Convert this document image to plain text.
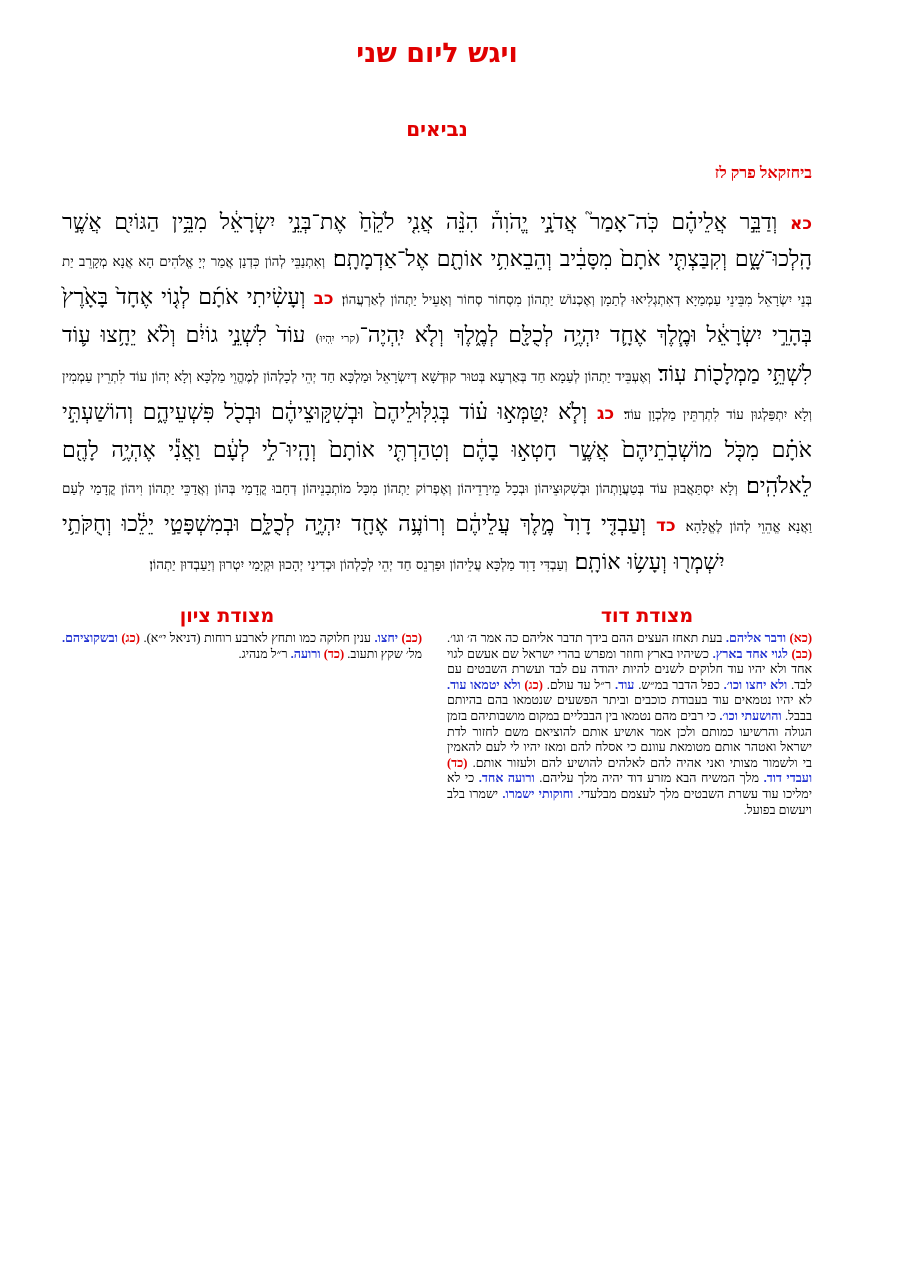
ויגש ליום שני
נביאים
ביחזקאל פרק לז
כא וְדַבֵּ֣ר אֲלֵיהֶ֗ם כֹּֽה־אָמַר֮ אֲדֹנָ֣י יֱהֹוִה֒ הִנֵּ֨ה אֲנִ֤י לֹקֵ֙חַ֙ אֶת־בְּנֵ֣י יִשְׂרָאֵ֔ל מִבֵּ֥ין הַגּוֹיִ֖ם אֲשֶׁ֣ר הָֽלְכוּ־שָׁ֑ם וְקִבַּצְתִּ֤י אֹתָם֙ מִסָּבִ֔יב וְהֵבֵאתִ֥י אוֹתָ֖ם אֶל־אַדְמָתָֽם׃ וְאִתְנַבֵּי לְהוֹן כִּדְנַן אֲמַר יְיָ אֱלֹהִים הָא אֲנָא מְקָרֵב יַת בְּנֵי יִשְׂרָאֵל מִבֵּינֵי עַמְמַיָא דְאִתְגְלִיאוּ לְתַמָן וְאֶכְנוֹשׁ יַתְהוֹן מִסְחוֹר סְחוֹר וְאָעֵיל יַתְהוֹן לְאַרְעֲהוֹן׃ כב וְעָשִׂ֨יתִי אֹתָ֜ם לְג֤וֹי אֶחָד֙ בָּאָ֙רֶץ֙ בְּהָרֵ֣י יִשְׂרָאֵ֔ל וּמֶ֧לֶךְ אֶחָ֛ד יִהְיֶ֥ה לְכֻלָּ֖ם לְמֶ֑לֶךְ וְלֹ֤א יִֽהְיֶה־(קרי יִֽהְיוּ) עוֹד֙ לִשְׁנֵ֣י גוֹיִ֔ם וְלֹ֨א יֵחָ֥צוּ ע֛וֹד לִשְׁתֵּ֥י מַמְלָכ֖וֹת עֽוֹד׃ וְאֶעְבֵּיד יַתְהוֹן לְעַמָא חַד בְּאַרְעָא בְּטוּר קוּדְשָׁא דְיִשְׂרָאֵל וּמַלְכָּא חַד יְהֵי לְכָלְהוֹן לְמֶהֱוֵי מַלְכָּא וְלָא יְהוֹן עוֹד לִתְרֵין עַמְמִין וְלָא יִתְפַּלְגוּן עוֹד לִתְרְתֵּין מַלְכְוָן עוֹד׃ כג וְלֹ֧א יִֽטַּמְּא֣וּ ע֗וֹד בְּגִלּֽוּלֵיהֶם֙ וּבְשִׁקּ֣וּצֵיהֶ֔ם וּבְכֹ֖ל פִּשְׁעֵיהֶ֑ם וְהוֹשַׁעְתִּ֣י אֹתָ֗ם מִכֹּ֤ל מוֹשְׁבֹֽתֵיהֶם֙ אֲשֶׁ֣ר חָטְא֣וּ בָהֶ֔ם וְטִהַרְתִּ֤י אוֹתָם֙ וְהָֽיוּ־לִ֣י לְעָ֔ם וַאֲנִ֕י אֶהְיֶ֥ה לָהֶ֖ם לֵאלֹהִֽים׃ וְלָא יִסְתַּאֲבוּן עוֹד בְּטַעֲוָתְהוֹן וּבְשִׁקוּצֵיהוֹן וּבְכָל מֵירָדֵיהוֹן וְאֶפְרוֹק יַתְהוֹן מִכָּל מוֹתְבָנֵיהוֹן דְחָבוּ קֳדָמַי בְּהוֹן וְאֲדַכֵּי יַתְהוֹן וִיהוֹן קֳדָמַי לְעַם וַאֲנָא אֱהֵוֵי לְהוֹן לֶאֱלָהָא׃ כד וְעַבְדִּ֤י דָוִד֙ מֶ֣לֶךְ עֲלֵיהֶ֔ם וְרוֹעֶ֥ה אֶחָ֖ד יִהְיֶ֣ה לְכֻלָּ֑ם וּבְמִשְׁפָּטַ֣י יֵלֵ֔כוּ וְחֻקֹּתַ֥י יִשְׁמְר֖וּ וְעָשׂ֥וּ אוֹתָֽם׃ וְעַבְדִּי דָוִד מַלְכָּא עֲלֵיהוֹן וּפַרְנֵס חַד יְהֵי לְכָלְהוֹן וּכְדִינַי יְהָכוּן וּקְיָמַי יִטְרוּן וְיַעַבְדוּן יַתְהוֹן׃
מצודת דוד
מצודת ציון
(כב) יחצו. ענין חלוקה כמו ותחץ לארבע רוחות (דניאל י״א). (כג) ובשקוציהם. מל׳ שקץ ותעוב. (כד) ורועה. ר״ל מנהיג.
(כא) ודבר אליהם. בעת תאחז העצים ההם בידך תדבר אליהם כה אמר ה׳ וגו׳. (כב) לגוי אחד בארץ. כשיהיו בארץ וחוזר ומפרש בהרי ישראל שם אעשם לגוי אחד ולא יהיו עוד חלוקים לשנים להיות יהודה עם לבד ועשרת השבטים עם לבד. ולא יחצו וכו׳. כפל הדבר במ״ש. עוד. ר״ל עד עולם. (כג) ולא יטמאו עוד. לא יהיו נטמאים עוד בעבודת כוכבים וביתר הפשעים שנטמאו בהם בהיותם בבבל. והושעתי וכו׳. כי רבים מהם נטמאו בין הבבליים במקום מושבותיהם בזמן הגולה והרשיעו כמותם ולכן אמר אושיע אותם להוציאם משם לחזור לדת ישראל ואטהר אותם מטומאת עוונם כי אסלח להם ומאז יהיו לי לעם להאמין בי ולשמור מצותי ואני אהיה להם לאלהים להושיע להם ולעזור אותם. (כד) ועבדי דוד. מלך המשיח הבא מזרע דוד יהיה מלך עליהם. ורועה אחד. כי לא ימליכו עוד עשרת השבטים מלך לעצמם מבלעדי. וחוקותי ישמרו. ישמרו בלב ויעשום בפועל.
